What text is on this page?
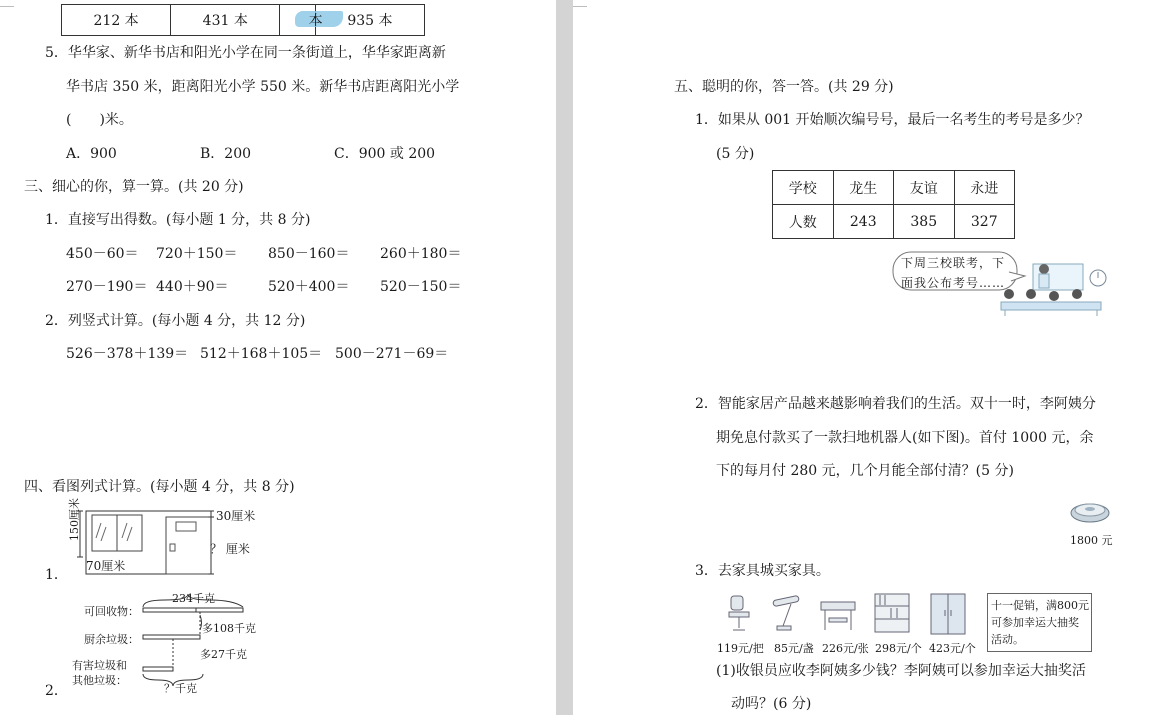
212 本	431 本	本	935 本
5．华华家、新华书店和阳光小学在同一条街道上，华华家距离新
华书店 350 米，距离阳光小学 550 米。新华书店距离阳光小学
(　　)米。
A．900	B．200	C．900 或 200
三、细心的你，算一算。(共 20 分)
1．直接写出得数。(每小题 1 分，共 8 分)
450－60＝ 720＋150＝ 850－160＝ 260＋180＝
270－190＝ 440＋90＝	520＋400＝ 520－150＝
2．列竖式计算。(每小题 4 分，共 12 分)
526－378＋139＝ 512＋168＋105＝ 500－271－69＝
四、看图列式计算。(每小题 4 分，共 8 分)
150厘米
70厘米
30厘米
？ 厘米
1．
可回收物：
厨余垃圾：
有害垃圾和
其他垃圾：
234千克
多108千克
多27千克
？千克
2．
五、聪明的你，答一答。(共 29 分)
1．如果从 001 开始顺次编号号，最后一名考生的考号是多少？
(5 分)
学校	龙生	友谊	永进
人数	243	385	327
下周三校联考，下
面我公布考号……
2．智能家居产品越来越影响着我们的生活。双十一时，李阿姨分
期免息付款买了一款扫地机器人(如下图)。首付 1000 元，余
下的每月付 280 元，几个月能全部付清？(5 分)
1800 元
3．去家具城买家具。
119元/把 85元/盏 226元/张 298元/个 423元/个
十一促销，满800元
可参加幸运大抽奖
活动。
(1)收银员应收李阿姨多少钱？李阿姨可以参加幸运大抽奖活
动吗？(6 分)
